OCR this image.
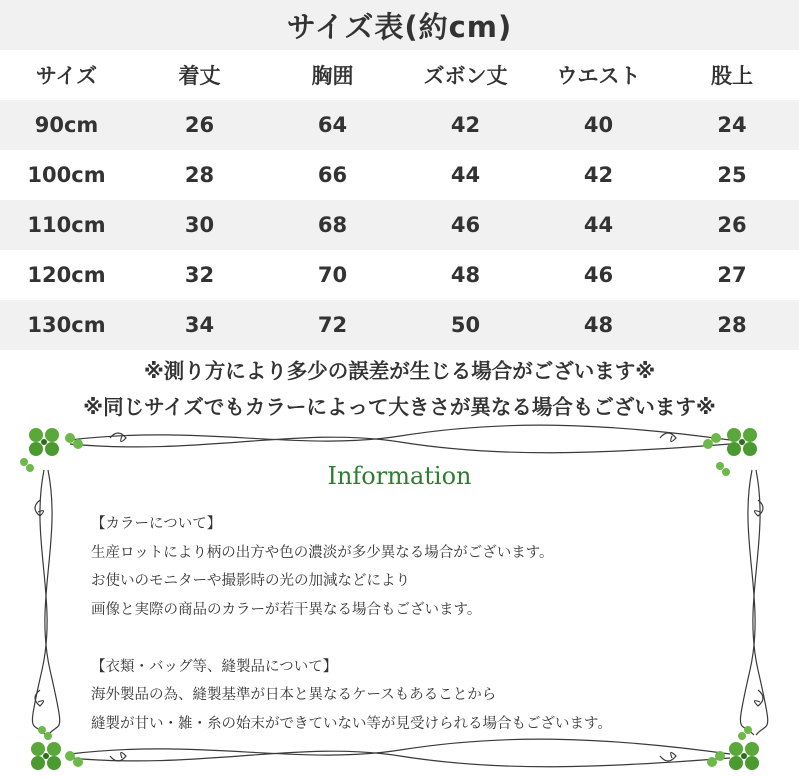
サイズ表(約cm)
サイズ	着丈	胸囲	ズボン丈	ウエスト	股上
90cm	26	64	42	40	24
100cm	28	66	44	42	25
110cm	30	68	46	44	26
120cm	32	70	48	46	27
130cm	34	72	50	48	28
※測り方により多少の誤差が生じる場合がございます※
※同じサイズでもカラーによって大きさが異なる場合もございます※
Information
【カラーについて】
生産ロットにより柄の出方や色の濃淡が多少異なる場合がございます。
お使いのモニターや撮影時の光の加減などにより
画像と実際の商品のカラーが若干異なる場合もございます。
【衣類・バッグ等、縫製品について】
海外製品の為、縫製基準が日本と異なるケースもあることから
縫製が甘い・雑・糸の始末ができていない等が見受けられる場合もございます。
